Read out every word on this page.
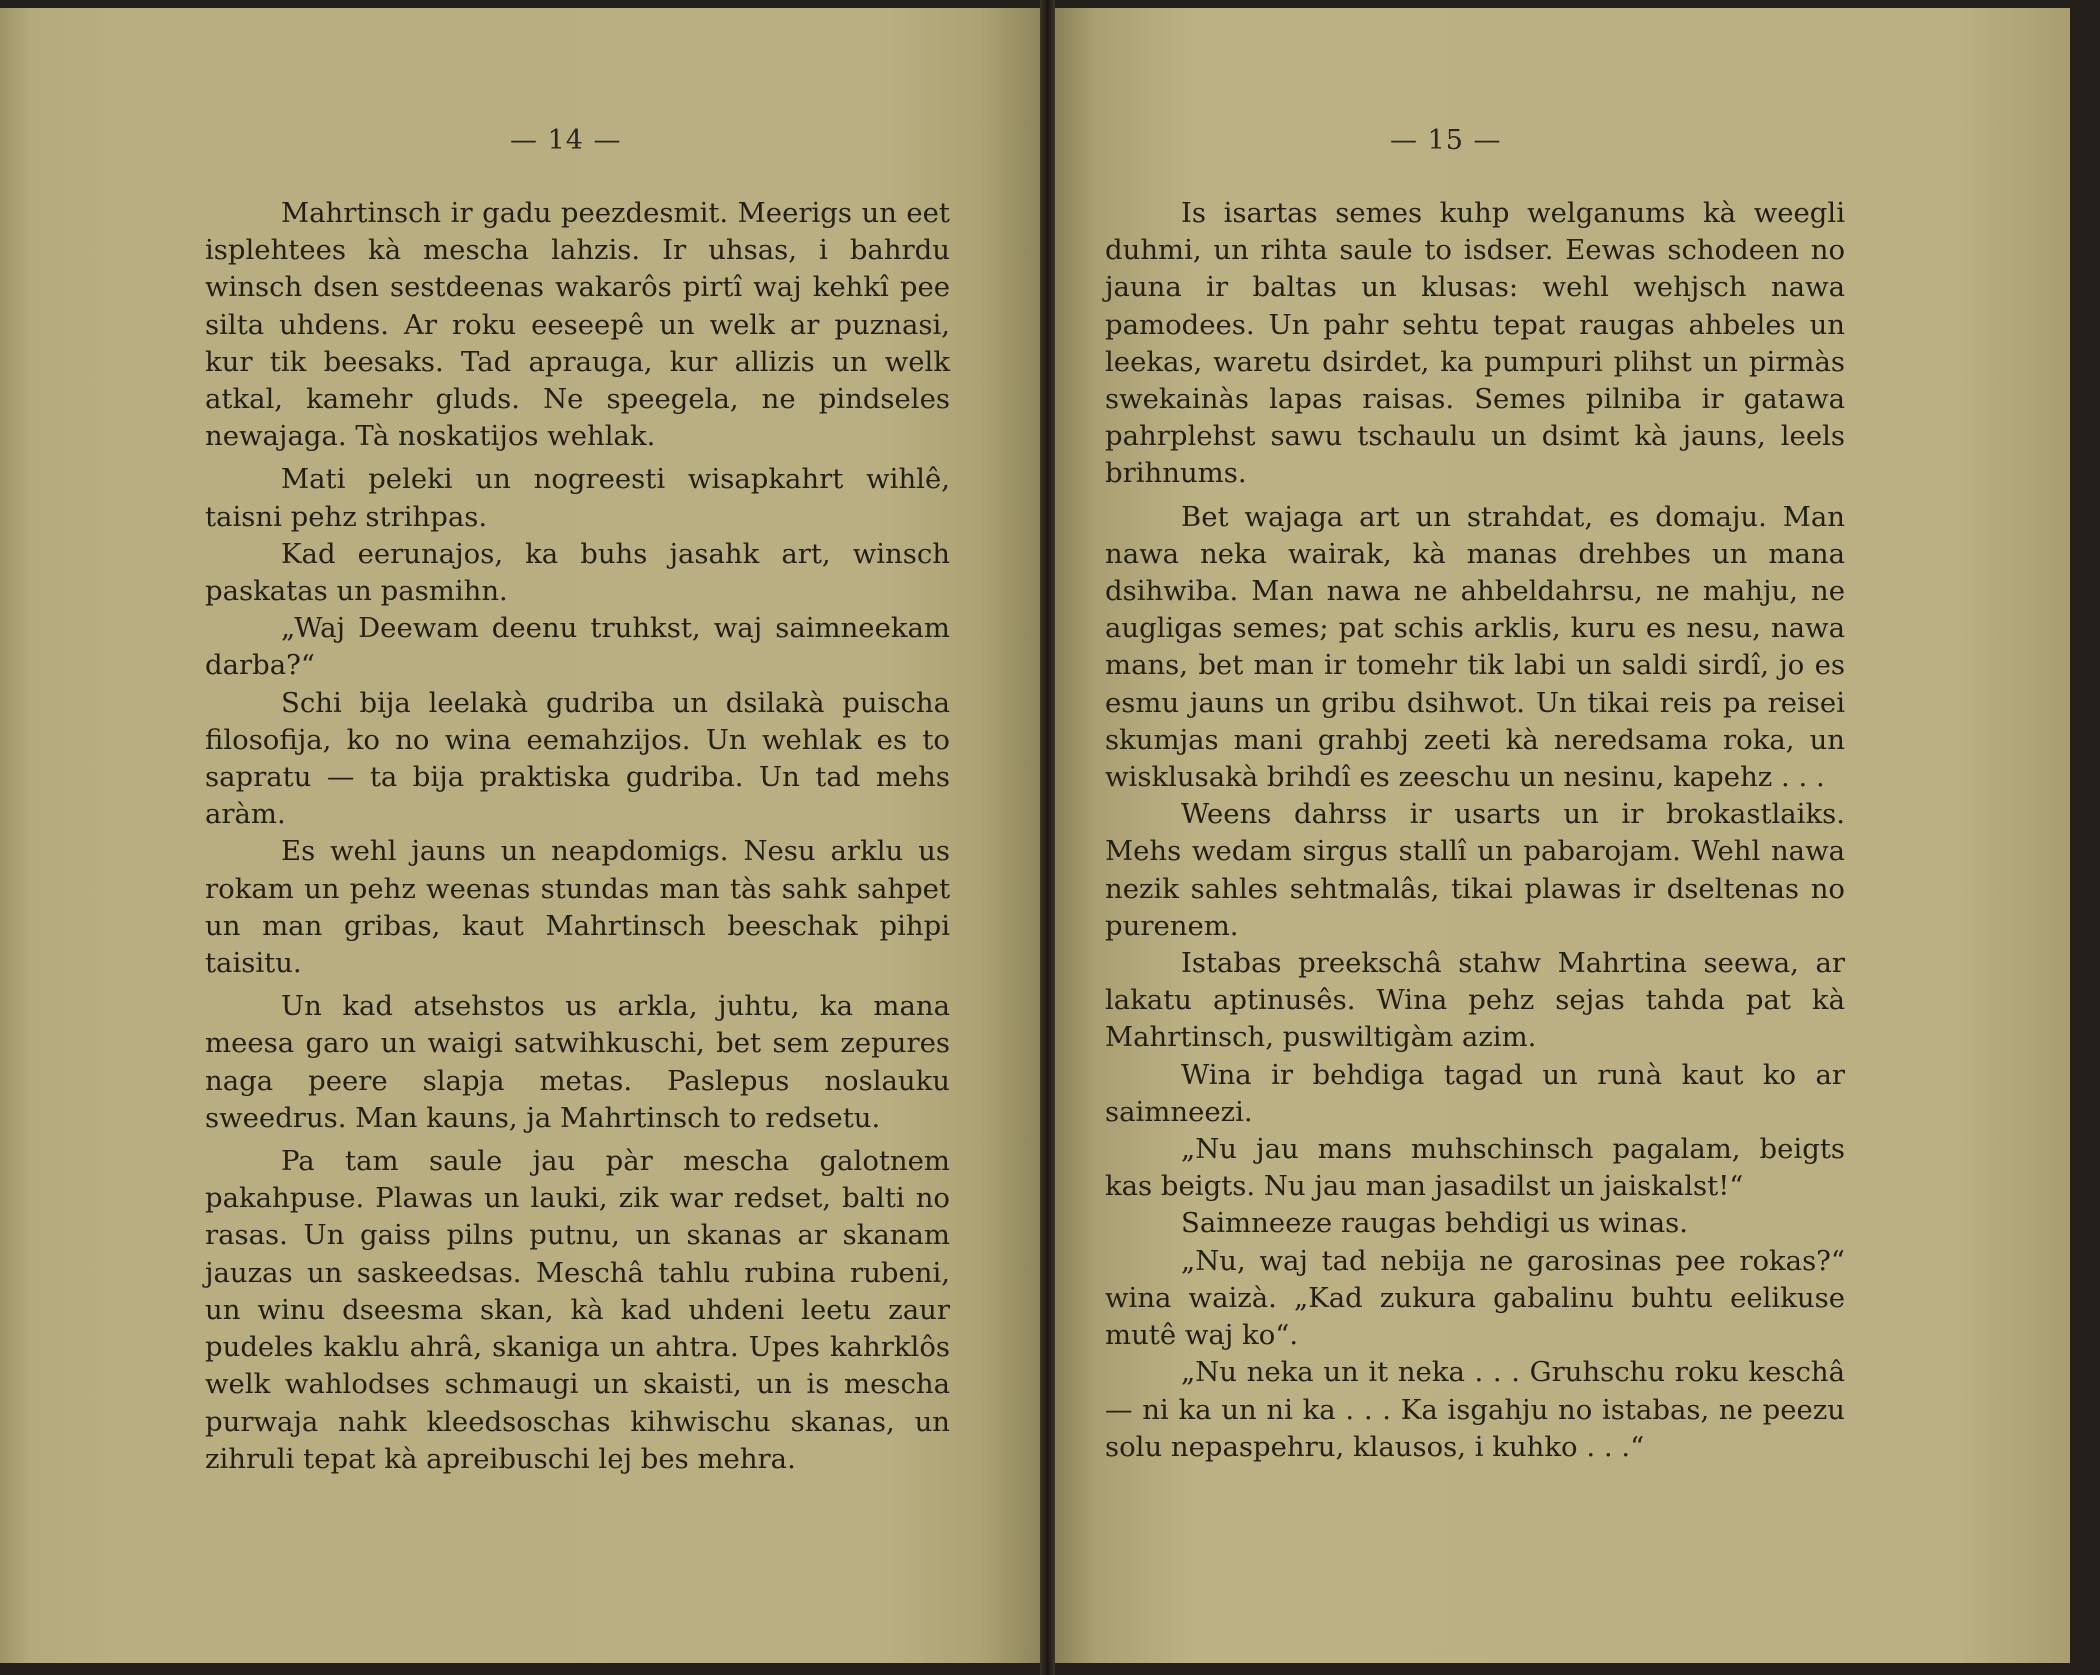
— 14 —	— 15 —

Mahrtinsch ir gadu peezdesmit. Meerigs un eet isplehtees kà mescha lahzis. Ir uhsas, i bahrdu winsch dsen sestdeenas wakarôs pirtî waj kehkî pee silta uhdens. Ar roku eeseepê un welk ar puznasi, kur tik beesaks. Tad aprauga, kur allizis un welk atkal, kamehr gluds. Ne speegela, ne pindseles newajaga. Tà noskatijos wehlak.

Mati peleki un nogreesti wisapkahrt wihlê, taisni pehz strihpas.

Kad eerunajos, ka buhs jasahk art, winsch paskatas un pasmihn.

„Waj Deewam deenu truhkst, waj saimneekam darba?“

Schi bija leelakà gudriba un dsilakà puischa filosofija, ko no wina eemahzijos. Un wehlak es to sapratu — ta bija praktiska gudriba. Un tad mehs aràm.

Es wehl jauns un neapdomigs. Nesu arklu us rokam un pehz weenas stundas man tàs sahk sahpet un man gribas, kaut Mahrtinsch beeschak pihpi taisitu.

Un kad atsehstos us arkla, juhtu, ka mana meesa garo un waigi satwihkuschi, bet sem zepures naga peere slapja metas. Paslepus noslauku sweedrus. Man kauns, ja Mahrtinsch to redsetu.

Pa tam saule jau pàr mescha galotnem pakahpuse. Plawas un lauki, zik war redset, balti no rasas. Un gaiss pilns putnu, un skanas ar skanam jauzas un saskeedsas. Meschâ tahlu rubina rubeni, un winu dseesma skan, kà kad uhdeni leetu zaur pudeles kaklu ahrâ, skaniga un ahtra. Upes kahrklôs welk wahlodses schmaugi un skaisti, un is mescha purwaja nahk kleedsoschas kihwischu skanas, un zihruli tepat kà apreibuschi lej bes mehra.

Is isartas semes kuhp welganums kà weegli duhmi, un rihta saule to isdser. Eewas schodeen no jauna ir baltas un klusas: wehl wehjsch nawa pamodees. Un pahr sehtu tepat raugas ahbeles un leekas, waretu dsirdet, ka pumpuri plihst un pirmàs swekainàs lapas raisas. Semes pilniba ir gatawa pahrplehst sawu tschaulu un dsimt kà jauns, leels brihnums.

Bet wajaga art un strahdat, es domaju. Man nawa neka wairak, kà manas drehbes un mana dsihwiba. Man nawa ne ahbeldahrsu, ne mahju, ne augligas semes; pat schis arklis, kuru es nesu, nawa mans, bet man ir tomehr tik labi un saldi sirdî, jo es esmu jauns un gribu dsihwot. Un tikai reis pa reisei skumjas mani grahbj zeeti kà neredsama roka, un wisklusakà brihdî es zeeschu un nesinu, kapehz . . .

Weens dahrss ir usarts un ir brokastlaiks. Mehs wedam sirgus stallî un pabarojam. Wehl nawa nezik sahles sehtmalâs, tikai plawas ir dseltenas no purenem.

Istabas preekschâ stahw Mahrtina seewa, ar lakatu aptinusês. Wina pehz sejas tahda pat kà Mahrtinsch, puswiltigàm azim.

Wina ir behdiga tagad un runà kaut ko ar saimneezi.

„Nu jau mans muhschinsch pagalam, beigts kas beigts. Nu jau man jasadilst un jaiskalst!“

Saimneeze raugas behdigi us winas.

„Nu, waj tad nebija ne garosinas pee rokas?“ wina waizà. „Kad zukura gabalinu buhtu eelikuse mutê waj ko“.

„Nu neka un it neka . . . Gruhschu roku keschâ — ni ka un ni ka . . . Ka isgahju no istabas, ne peezu solu nepaspehru, klausos, i kuhko . . .“
